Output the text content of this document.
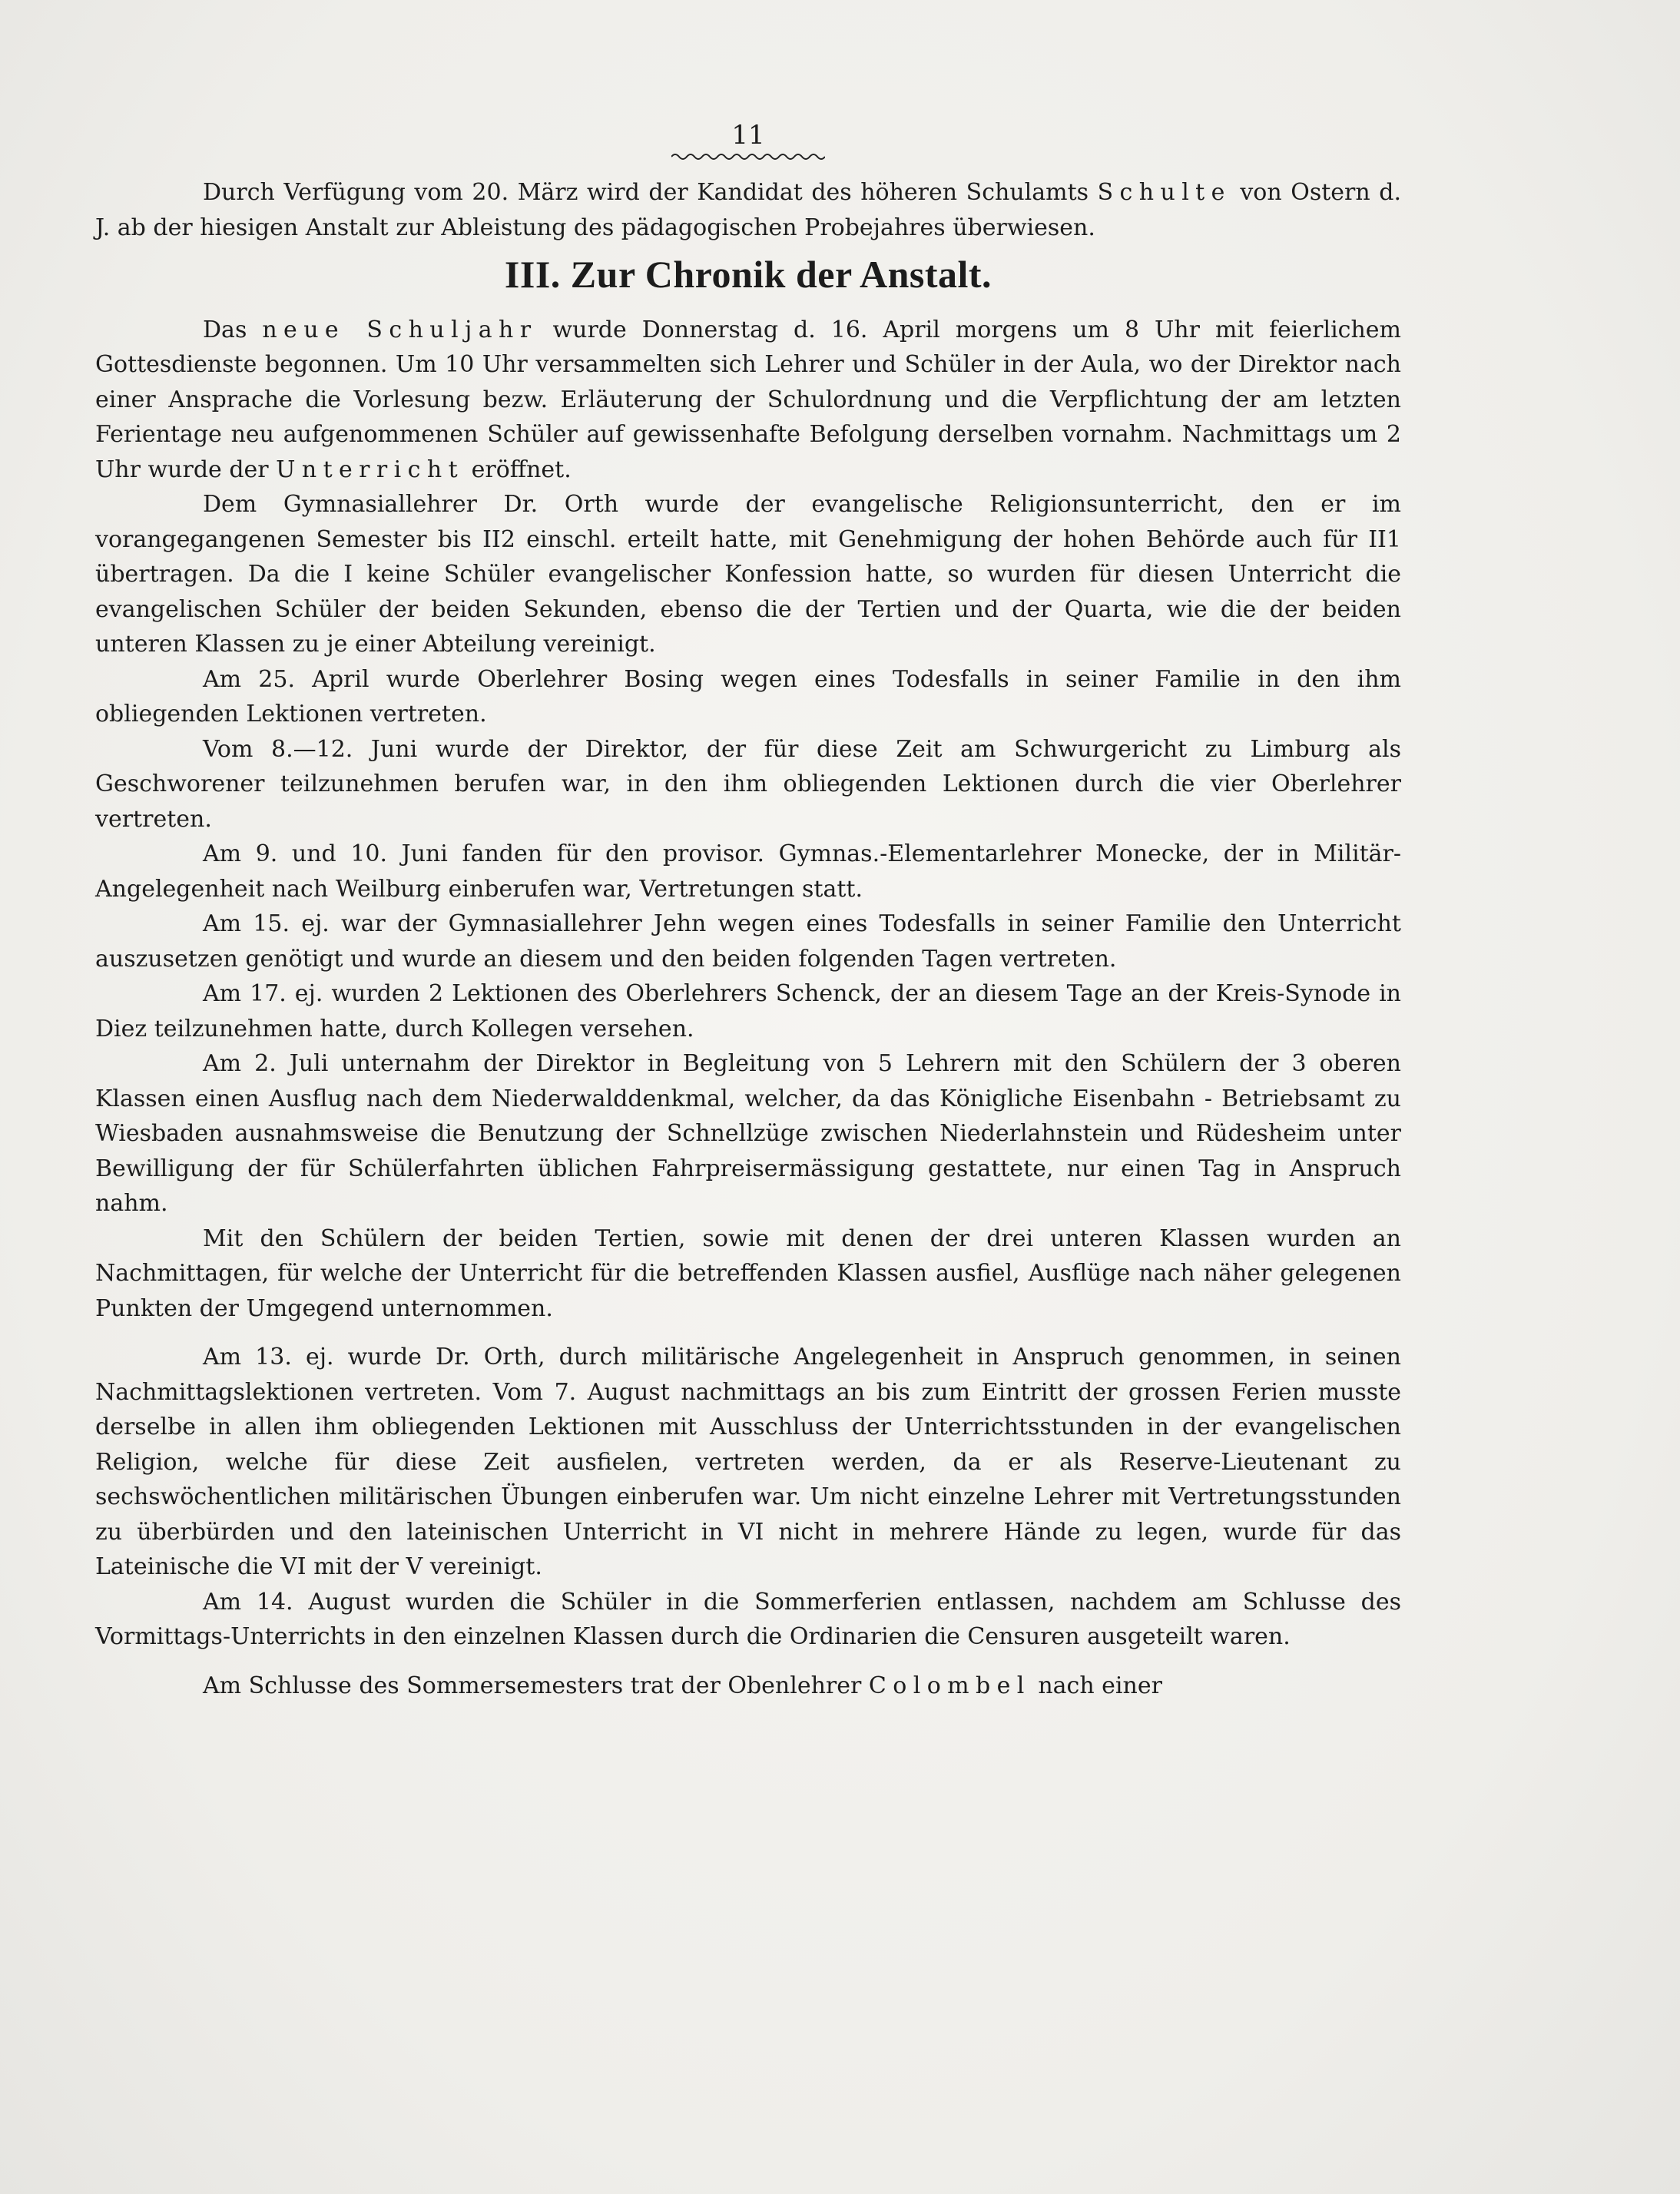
11

Durch Verfügung vom 20. März wird der Kandidat des höheren Schulamts Schulte von Ostern d. J. ab der hiesigen Anstalt zur Ableistung des pädagogischen Probejahres überwiesen.

III. Zur Chronik der Anstalt.

Das neue Schuljahr wurde Donnerstag d. 16. April morgens um 8 Uhr mit feierlichem Gottesdienste begonnen. Um 10 Uhr versammelten sich Lehrer und Schüler in der Aula, wo der Direktor nach einer Ansprache die Vorlesung bezw. Erläuterung der Schulordnung und die Verpflichtung der am letzten Ferientage neu aufgenommenen Schüler auf gewissenhafte Befolgung derselben vornahm. Nachmittags um 2 Uhr wurde der Unterricht eröffnet.

Dem Gymnasiallehrer Dr. Orth wurde der evangelische Religionsunterricht, den er im vorangegangenen Semester bis II2 einschl. erteilt hatte, mit Genehmigung der hohen Behörde auch für II1 übertragen. Da die I keine Schüler evangelischer Konfession hatte, so wurden für diesen Unterricht die evangelischen Schüler der beiden Sekunden, ebenso die der Tertien und der Quarta, wie die der beiden unteren Klassen zu je einer Abteilung vereinigt.

Am 25. April wurde Oberlehrer Bosing wegen eines Todesfalls in seiner Familie in den ihm obliegenden Lektionen vertreten.

Vom 8.—12. Juni wurde der Direktor, der für diese Zeit am Schwurgericht zu Limburg als Geschworener teilzunehmen berufen war, in den ihm obliegenden Lektionen durch die vier Oberlehrer vertreten.

Am 9. und 10. Juni fanden für den provisor. Gymnas.-Elementarlehrer Monecke, der in Militär-Angelegenheit nach Weilburg einberufen war, Vertretungen statt.

Am 15. ej. war der Gymnasiallehrer Jehn wegen eines Todesfalls in seiner Familie den Unterricht auszusetzen genötigt und wurde an diesem und den beiden folgenden Tagen vertreten.

Am 17. ej. wurden 2 Lektionen des Oberlehrers Schenck, der an diesem Tage an der Kreis-Synode in Diez teilzunehmen hatte, durch Kollegen versehen.

Am 2. Juli unternahm der Direktor in Begleitung von 5 Lehrern mit den Schülern der 3 oberen Klassen einen Ausflug nach dem Niederwalddenkmal, welcher, da das Königliche Eisenbahn - Betriebsamt zu Wiesbaden ausnahmsweise die Benutzung der Schnellzüge zwischen Niederlahnstein und Rüdesheim unter Bewilligung der für Schülerfahrten üblichen Fahrpreisermässigung gestattete, nur einen Tag in Anspruch nahm.

Mit den Schülern der beiden Tertien, sowie mit denen der drei unteren Klassen wurden an Nachmittagen, für welche der Unterricht für die betreffenden Klassen ausfiel, Ausflüge nach näher gelegenen Punkten der Umgegend unternommen.

Am 13. ej. wurde Dr. Orth, durch militärische Angelegenheit in Anspruch genommen, in seinen Nachmittagslektionen vertreten. Vom 7. August nachmittags an bis zum Eintritt der grossen Ferien musste derselbe in allen ihm obliegenden Lektionen mit Ausschluss der Unterrichtsstunden in der evangelischen Religion, welche für diese Zeit ausfielen, vertreten werden, da er als Reserve-Lieutenant zu sechswöchentlichen militärischen Übungen einberufen war. Um nicht einzelne Lehrer mit Vertretungsstunden zu überbürden und den lateinischen Unterricht in VI nicht in mehrere Hände zu legen, wurde für das Lateinische die VI mit der V vereinigt.

Am 14. August wurden die Schüler in die Sommerferien entlassen, nachdem am Schlusse des Vormittags-Unterrichts in den einzelnen Klassen durch die Ordinarien die Censuren ausgeteilt waren.

Am Schlusse des Sommersemesters trat der Obenlehrer Colombel nach einer
